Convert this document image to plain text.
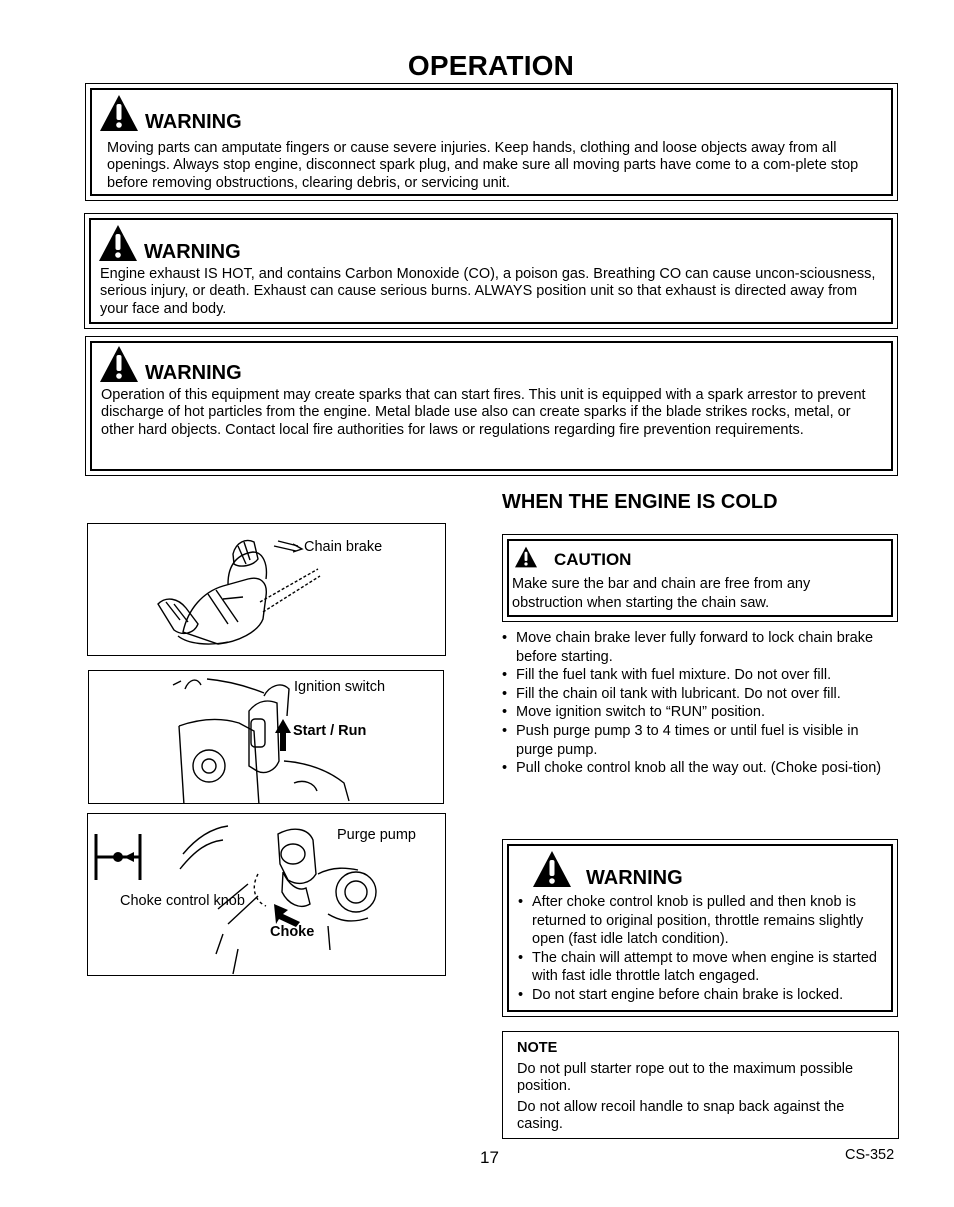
OPERATION
WARNING
Moving parts can amputate fingers or cause severe injuries. Keep hands, clothing and loose objects away from all openings. Always stop engine, disconnect spark plug, and make sure all moving parts have come to a com-plete stop before removing obstructions, clearing debris, or servicing unit.
WARNING
Engine exhaust IS HOT, and contains Carbon Monoxide (CO), a poison gas. Breathing CO can cause uncon-sciousness, serious injury, or death. Exhaust can cause serious burns. ALWAYS position unit so that exhaust is directed away from your face and body.
WARNING
Operation of this equipment may create sparks that can start fires. This unit is equipped with a spark arrestor to prevent discharge of hot particles from the engine. Metal blade use also can create sparks if the blade strikes rocks, metal, or other hard objects. Contact local fire authorities for laws or regulations regarding fire prevention requirements.
WHEN THE ENGINE IS COLD
Chain brake
Ignition switch
Start / Run
Purge pump
Choke control knob
Choke
CAUTION
Make sure the bar and chain are free from any obstruction when starting the chain saw.
• Move chain brake lever fully forward to lock chain brake before starting.
• Fill the fuel tank with fuel mixture. Do not over fill.
• Fill the chain oil tank with lubricant. Do not over fill.
• Move ignition switch to “RUN” position.
• Push purge pump 3 to 4 times or until fuel is visible in purge pump.
• Pull choke control knob all the way out. (Choke posi-tion)
WARNING
• After choke control knob is pulled and then knob is returned to original position, throttle remains slightly open (fast idle latch condition).
• The chain will attempt to move when engine is started with fast idle throttle latch engaged.
• Do not start engine before chain brake is locked.
NOTE

Do not pull starter rope out to the maximum possible position.

Do not allow recoil handle to snap back against the casing.

17	CS-352
